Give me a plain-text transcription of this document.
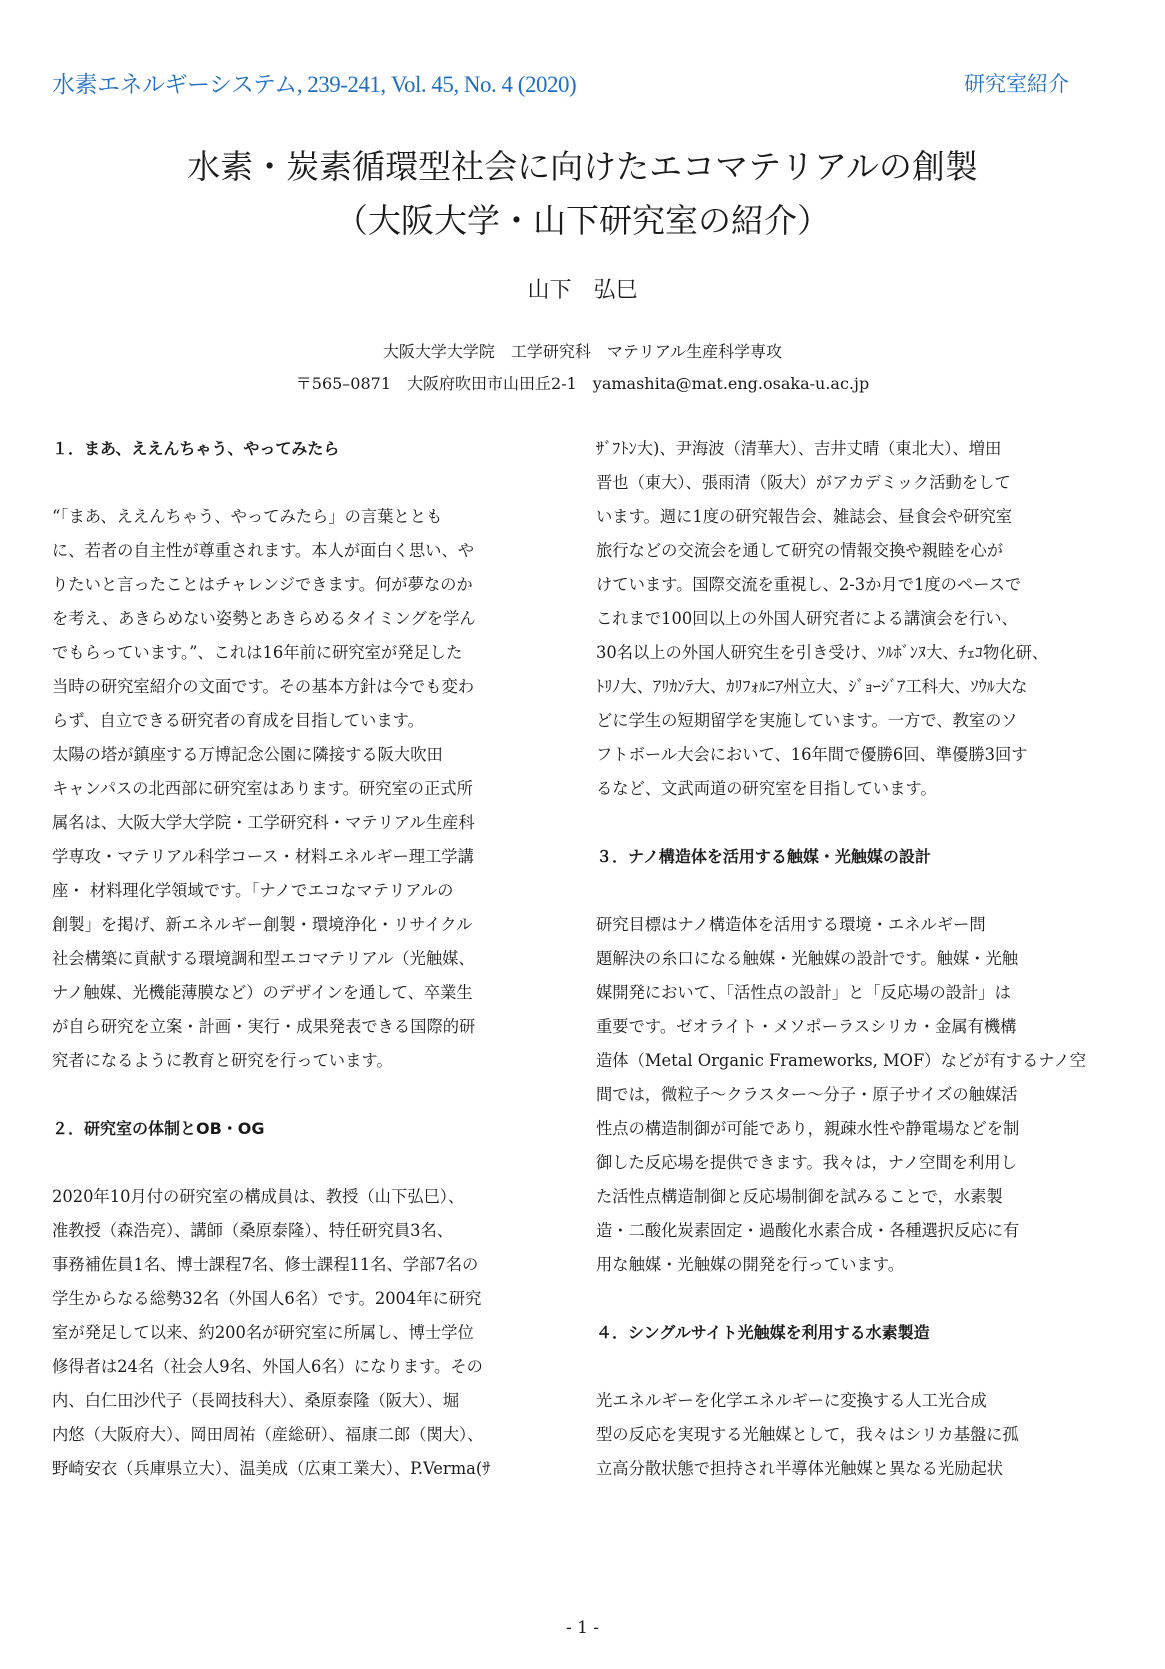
水素エネルギーシステム, 239-241, Vol. 45, No. 4 (2020)	研究室紹介
水素・炭素循環型社会に向けたエコマテリアルの創製
（大阪大学・山下研究室の紹介）
山下　弘巳
大阪大学大学院　工学研究科　マテリアル生産科学専攻
〒565–0871　大阪府吹田市山田丘2-1　yamashita@mat.eng.osaka-u.ac.jp
１．まあ、ええんちゃう、やってみたら
“「まあ、ええんちゃう、やってみたら」の言葉ととも
に、若者の自主性が尊重されます。本人が面白く思い、や
りたいと言ったことはチャレンジできます。何が夢なのか
を考え、あきらめない姿勢とあきらめるタイミングを学ん
でもらっています。”、これは16年前に研究室が発足した
当時の研究室紹介の文面です。その基本方針は今でも変わ
らず、自立できる研究者の育成を目指しています。
太陽の塔が鎮座する万博記念公園に隣接する阪大吹田
キャンパスの北西部に研究室はあります。研究室の正式所
属名は、大阪大学大学院・工学研究科・マテリアル生産科
学専攻・マテリアル科学コース・材料エネルギー理工学講
座・ 材料理化学領域です。「ナノでエコなマテリアルの
創製」を掲げ、新エネルギー創製・環境浄化・リサイクル
社会構築に貢献する環境調和型エコマテリアル（光触媒、
ナノ触媒、光機能薄膜など）のデザインを通して、卒業生
が自ら研究を立案・計画・実行・成果発表できる国際的研
究者になるように教育と研究を行っています。
２．研究室の体制とOB・OG
2020年10月付の研究室の構成員は、教授（山下弘巳）、
准教授（森浩亮）、講師（桑原泰隆）、特任研究員3名、
事務補佐員1名、博士課程7名、修士課程11名、学部7名の
学生からなる総勢32名（外国人6名）です。2004年に研究
室が発足して以来、約200名が研究室に所属し、博士学位
修得者は24名（社会人9名、外国人6名）になります。その
内、白仁田沙代子（長岡技科大）、桑原泰隆（阪大）、堀
内悠（大阪府大）、岡田周祐（産総研）、福康二郎（関大）、
野崎安衣（兵庫県立大）、温美成（広東工業大）、P.Verma(ｻ
ｻﾞﾌﾄﾝ大)、尹海波（清華大）、吉井丈晴（東北大）、増田
晋也（東大）、張雨清（阪大）がアカデミック活動をして
います。週に1度の研究報告会、雑誌会、昼食会や研究室
旅行などの交流会を通して研究の情報交換や親睦を心が
けています。国際交流を重視し、2-3か月で1度のペースで
これまで100回以上の外国人研究者による講演会を行い、
30名以上の外国人研究生を引き受け、ｿﾙﾎﾞﾝﾇ大、ﾁｪｺ物化研、
ﾄﾘﾉ大、ｱﾘｶﾝﾃ大、ｶﾘﾌｫﾙﾆｱ州立大、ｼﾞｮｰｼﾞｱ工科大、ｿｳﾙ大な
どに学生の短期留学を実施しています。一方で、教室のソ
フトボール大会において、16年間で優勝6回、準優勝3回す
るなど、文武両道の研究室を目指しています。
３．ナノ構造体を活用する触媒・光触媒の設計
研究目標はナノ構造体を活用する環境・エネルギー問
題解決の糸口になる触媒・光触媒の設計です。触媒・光触
媒開発において、「活性点の設計」と「反応場の設計」は
重要です。ゼオライト・メソポーラスシリカ・金属有機構
造体（Metal Organic Frameworks, MOF）などが有するナノ空
間では，微粒子～クラスター～分子・原子サイズの触媒活
性点の構造制御が可能であり，親疎水性や静電場などを制
御した反応場を提供できます。我々は，ナノ空間を利用し
た活性点構造制御と反応場制御を試みることで，水素製
造・二酸化炭素固定・過酸化水素合成・各種選択反応に有
用な触媒・光触媒の開発を行っています。
４．シングルサイト光触媒を利用する水素製造
光エネルギーを化学エネルギーに変換する人工光合成
型の反応を実現する光触媒として，我々はシリカ基盤に孤
立高分散状態で担持され半導体光触媒と異なる光励起状
- 1 -
